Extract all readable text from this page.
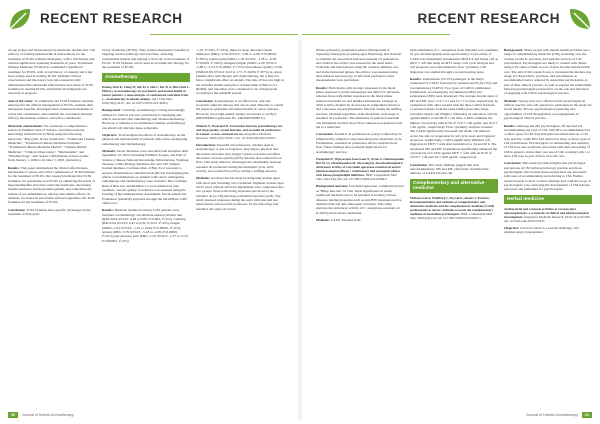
RECENT RESEARCH	RECENT RESEARCH

all age groups and characterized by metabolic dysfunction. The efficacy of existing pharmaceutical interventions for the treatment of PCOS remains inadequate, with a rich history and cultural significance spanning thousands of years, Traditional Chinese Medicine (TCM) has constituted a significant treatment for PCOS, with a long history of strategy and it has been widely used in treating PCOS. Multiple clinical observations and laboratory tests have unequivocally demonstrated the substantial effectiveness and safety of TCM formulae in treating PCOS, and further investigations are currently in progress.

Aim of the study: To summarize the TCM formulae currently employed in the clinical management of PCOS, examine their therapeutic benefits, investigate their potential mechanisms of action and constituents, and establish the correlation between efficacy mechanism, relation, and active constituents.

Materials and methods: We conducted a comprehensive search on PubMed, Web of Science, and China national knowledge infrastructure (CNKI) using the following keywords: "Polycystic Ovary Syndrome", "Traditional Chinese Medicine", "Traditional Chinese Medicine formulae", "Traditional Chinese Medicine Herbal", "Chinese Herbal Medicine", "Clinical Observation", "Mechanisms", and "Pharmacology", and various combinations of these terms, from January 1, 2000 to October 7, 2023, (inclusive).

Results: This paper summarized the clinical effectiveness, mechanism of action, and active constituents of TCM formulae for the treatment of PCOS. Our research indicates that TCM formulae can potentially treat PCOS by enhancing the levels of hyperinsulinemia and other endocrine hormones, decreasing insulin resistance and hyperandrogenism, and controlling the release of pro-inflammatory, among other similar effects. In addition, we found an association between apparatus and TCM formulae for the treatment of PCOS.

Conclusion: TCM formulae have specific advantages in the treatment of Polycystic

Ovary Syndrome (PCOS). They achieve therapeutic benefits by targeting several pathways and outcomes, attracting considerable interest and playing a vital role in the treatment of PCOS. TCM formulae can be used as an adjunctive therapy for the treatment of PCOS.

Aromatherapy
Hsiang-Wen K, Liang W, Shi-Ya S, Shu C, Ru-Yi A, Hui-Chen L. Efficacy of aromatherapy on psychiatric and mental health of cancer patients: a meta-analysis of randomised controlled trials (... aromatherapy in female settings. Am J Chin Med. 2024;50(1):43-67. doi: 10.1007/s11655-023-3690-y

Background: Currently, aromatherapy is being increasingly utilized for clinical practice, particularly in managing side effects associated with radiotherapy and chemoradiotherapy. However, it remains to be established whether aromatherapy can effectively alleviate these symptoms.

Objective: To investigate the effects of aromatherapy on the physical and mental health of patients with cancer undergoing radiotherapy and chemotherapy.

Methods: Seven databases were searched from inception until September 19, 2023, including PubMed, Scopus, and Web of Science, Chinese National Knowledge Infrastructure, Wanfang database, China Biology Medicine disc and VIP Chinese Journal database. Cochrane Risk of Bias Tool was used to analyze. Randomized controlled trials (RCTs) investigating the effects of aromatherapy on patients with cancer undergoing radiotherapy and chemotherapy were included. The Cochrane Risk of Bias tool and RevMan 5.4 were utilized for data synthesis, and the quality of evidence was assessed using the Grading of Recommendations Assessment, Development and Evaluation (GRADE) approach through the GRADEpro GDT online tool.

Results: Nineteen studies involving 1,561 patients were included. Aromatherapy can alleviate nausea (relative risk [RR]=0.64, 95%CI: 0.48 to 0.85; P=0.002, I²=2%), vomiting (RR=0.64, 95%CI: 0.45 to 0.91; P=0.01, I²=0%), fatigue (SMD=-1.04, 95%CI: -1.22 to -0.84, P<0.00001, I²=0%), anxiety (MD=-3.78, 95%CI: -5.18 to -2.38, P<0.00001, I²=61%) and decrease pain (MD=-1.18, 95%CI: -1.57 to -0.79, P<0.00001, I²=0%).

-1.10, P<0.05, I²=52%), improve sleep disorders (mean difference [MD]=-3.59, 95%CI: -5.09 to -2.08, P<0.00001, I²=86%), relieve pain (SMD=-1.18, 95%CI: -1.78 to -0.58, P<0.0001, I²=90%), mitigate fatigue (SMD=-2.20, 95%CI: -2.86 to -1.53, P<0.00001, I²=75%) and enhance quality of life (SMD=0.80, 95%CI: 0.22 to 1.37, P=0.006, I²=87%) in cancer patients after radiotherapy and chemotherapy, but it may not have a significant effect on anxiety. The risk of bias was high in the included studies using the Cochrane Risk of Bias tool 2 (RoB2), and outcomes were considered to be of high grade according to the GRADE system.

Conclusion: Aromatherapy is an efficacious, safe and economic adjuvant therapy that can be used clinically to curtail the physical symptoms and mental health of cancer patients. However, more high-quality studies are needed to verify it. (PROSPERO registration No. CRD42023398711)

Mahesh N, Tisserand R. Association between aromatherapy use and sleep quality, sexual function, and essential oil preferences in women: a cross-sectional survey. Integrative Medicine Research. 2024;13(1):101021. doi: 10.1016/j.imr.2024.101021

Introduction: Essential oil preferences, whether used in aromatherapy or just as fragrance, may impact physical and emotional outcomes, may trigger various reactions and affect autonomic nervous system (ANS) function and cerebral blood flow. This study aimed to investigate the relationship between essential oil preference during the menstrual cycle, ANS activity, and cerebral blood flow during a sniffing exercise.

Methods: An observational study investigating women aged with short past breathing was conducted. Eighteen women aged 20-25 years without olfactory impairment were categorized into two groups: those with strong responses perceived to the lavender oil (n=18) and those with mild responses (n=8). The study assessed responses during the early follicular and late luteal phases and recorded preference for the following four essential oils: pine oil extract

(Pinus sylvestris), geranium bourbon (Pelargonium X asperum), lemongrass (Cymbopogon flexuosus), and lavender to examine the association between essential oil preferences and cerebral blood flow was assessed in the nasal brain. Follicular and luteal phases using the cerebral oximetry test, and in the menstrual phases, blood flow was assessed using near-infrared spectroscopy, in left nasal prefrontal cortex measurements were performed.

Results: Participants with stronger responses in the luteal phase appeared to prefer lemongrass and didn't for sylvestris, whereas those with milder responses in the luteal phase preferred lavender tea and disliked lemongrass. Changes in ANS activity, marked by an increase in sympathetic function and a decrease in parasympathetic function during the sniffing exercise, persisted regardless of the menstrual cycle stage or essential oil preference. The inhalation of preferred essential oils stimulated cerebral blood flow, whereas non-preferred oils led to a reduction.

Conclusion: Essential oil preference in young women may be influenced by subjective responses during the menstrual cycle. Furthermore, essential oil preference affects cerebral blood flow. These findings have potential implications for aromatherapy practice.

Pasupuleti P, Wijayaratne Keerwaan N, Ornes S, Olomitopoulou Hoi M, Li, Olomitopoulou M, Olowolagi R, Amarkambangkal F. Anticancer activity of Curcumin ageraceae essential oil and its pharmacological efficacy: combinatory and synergistic effects with kinase phospholipid inhibitors. BMC Complement Med Ther. 2024;24(1):90. doi: 10.1186/s12906-024-04366-0

Background and aim: Curcumin ageraceae, commonly known as "Bhuy-tian-dan" in Thai, holds significance in Asian traditional medicine due to its potential in treating various diseases, having properties such as anti-HIV, hepatoprotective, antimicrobial and anti-androgenic activities. This study explores the anticancer activity of C. aeruginosa essential oil (CAEO) and its main constituent.

Methods: CAEO obtained from

hydrodistillation of C. aeruginosa fresh rhizomes was examined by gas chromatography-mass spectrometry. Cytotoxicity of CAEO was determined in leukaemic MOLT-4 and Jurkat cell as MCF-7 cell line using an MTT assay. Cell cycle analysis and cell apoptosis were determined by flow cytometry. Cell migration was studied through a wound healing assay.

Results: Zederamone (19.33%) emerged as the major compound of CAEO, followed by Germacrone B (19.13%) and Curcumenone (13.40%). Two types of CAEO combination formulation, accompanying curcumenone (MT) and zederamone (MS) were developed. The average droplet sizes of MS and MT were 13.4 ± 0.1 and 21.7 ± 0.2 nm, respectively. In comparison with other, treated with the three CAEO fractions of potential plants from the same family (Curcuma longa, Curcuma zanguo and Zingiber officinale) on anticancer activity against MOLT-4 and MCF-7 cell lines. CAEO exhibited the highest cytotoxicity with IC50 of 15.8 ± 1.60 μg/mL and 25.6 ± 1.00 μg/mL, respectively. Flow cytometry analysis revealed that CAEO significantly increased cell death, cell induced arrest, the sub-G1 population in cell cycle assay and triggered apoptosis. Additionally, CAEO significantly inhibited cell migration in MCF-7 cells after incubation for 24 and 48 h. The developed MS and MT formulations significantly enhanced the cytotoxicity of CAEO against MCF-7 cells with an IC50 of 10.79 ± 1.49 and 4.6 ± 0.09 μg/mL, respectively.

Conclusion: This study findings suggest that both nanoformulations, MS and MT, effectively facilitated the delivery of CAEO into the cell.

Complementary and alternative medicine
Mohsen Gad A, Wohlberg S, Poyrak K, Adams J. Practice, Recommendations and attitudes of complementary and alternative medicine and the complementary medicine (CAM) professionals to nurses' attitudes towards the complementary medicine of Australian psychologists. BMC Complement Med Ther. 2024;24(1):14. doi: 10.1186/s12906-023-04291-x

Background: Many people with mental health problems use a range of complementary medicine (CM), including over the counter products, practices, and seek the services of CM practitioners. Psychologists are likely to consult with clients using CM, some of them as part of their broader mental health care. The aim of this research was to document the modern-day usage of CM products, practices, and practitioners as recommended and/or referred by Australian psychologists as part of their clinical practice, as well as explore the relationship between psychologists' perspectives on the role and relevance of engaging with CM in psychological practice.

Methods: Survey data was collected from psychologists in clinical practice who self-selected to participate in the study via social media, 38 were psychologists registering new opportunities of CM through their own engagement in psychological clinical practice.

Results: Amongst the 281 psychologists, 58 reported not recommending any type of CM, with 63% recommending four or more types of CM. Psychologists less mentioned on a CM type practice, while 80% had referred to three or more types of CM practitioners. Psychologists' recommending and referring to CM were also positively associated with their knowledge of CM in general, and in their own use of CM, working with 1 or more CM type as part of their own self care.

Conclusion: This study provides insights into psychologist perceptions of CM within psychology practice and those psychologists who include these perspectives are associated with rates of recommending and referring to CM. Further research needs to draw on these findings and, with the scope of psychologists' role, exploring the development of CM relevant education and guidelines for psychologists.

Herbal medicine
Antibacterial and cytotoxic activities of coconut juice nanosuspensions: a systematic of clinical and pharmacological investigations. Integrative Medicine Research. 2024;13(1):101020. doi: 10.1016/j.imr.2024.101020

Objective: Cervical cancer is a serious challenge, and pharmacologic management

20 Journal of Holistic Aromatherapy	Journal of Holistic Aromatherapy 21
